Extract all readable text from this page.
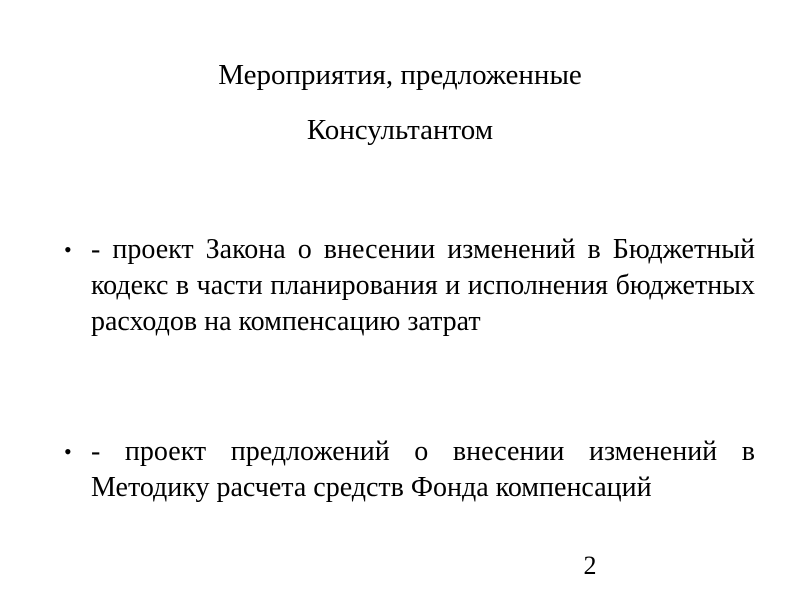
Мероприятия, предложенные
Консультантом
• - проект Закона о внесении изменений в Бюджетный кодекс в части планирования и исполнения бюджетных расходов на компенсацию затрат
• - проект предложений о внесении изменений в Методику расчета средств Фонда компенсаций
2
